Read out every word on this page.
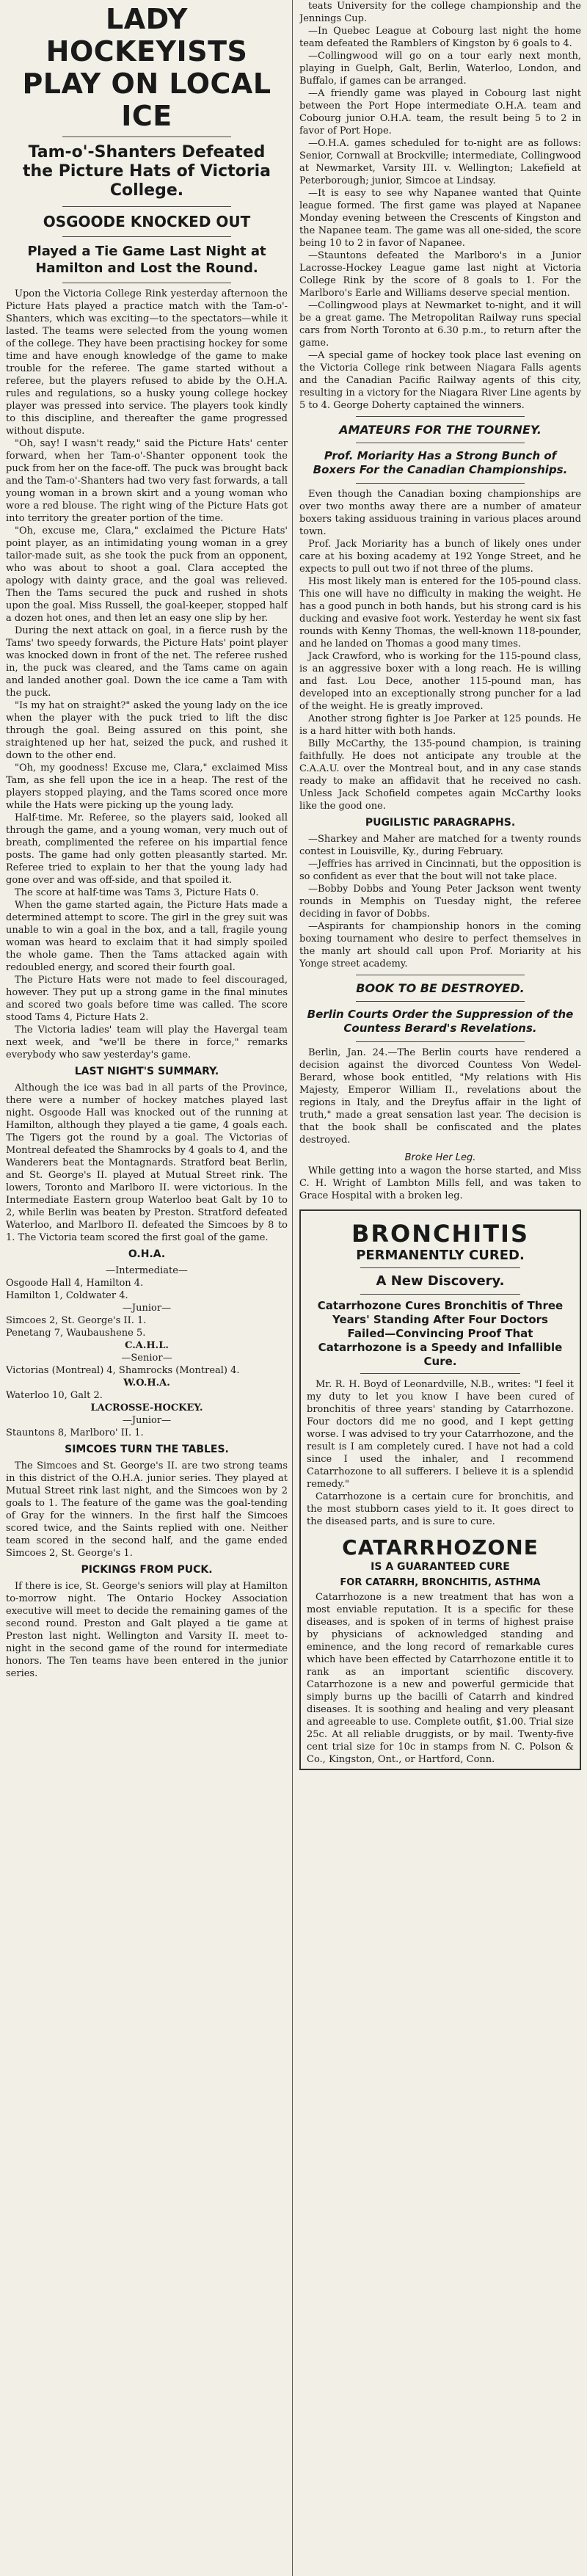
LADY HOCKEYISTS PLAY ON LOCAL ICE
Tam-o'-Shanters Defeated the Picture Hats of Victoria College.
OSGOODE KNOCKED OUT
Played a Tie Game Last Night at Hamilton and Lost the Round.

Upon the Victoria College Rink yesterday afternoon the Picture Hats played a practice match with the Tam-o'-Shanters, which was exciting—to the spectators—while it lasted. The teams were selected from the young women of the college. They have been practising hockey for some time and have enough knowledge of the game to make trouble for the referee. The game started without a referee, but the players refused to abide by the O.H.A. rules and regulations, so a husky young college hockey player was pressed into service. The players took kindly to this discipline, and thereafter the game progressed without dispute.

"Oh, say! I wasn't ready," said the Picture Hats' center forward, when her Tam-o'-Shanter opponent took the puck from her on the face-off. The puck was brought back and the Tam-o'-Shanters had two very fast forwards, a tall young woman in a brown skirt and a young woman who wore a red blouse. The right wing of the Picture Hats got into territory the greater portion of the time.

"Oh, excuse me, Clara," exclaimed the Picture Hats' point player, as an intimidating young woman in a grey tailor-made suit, as she took the puck from an opponent, who was about to shoot a goal. Clara accepted the apology with dainty grace, and the goal was relieved. Then the Tams secured the puck and rushed in shots upon the goal. Miss Russell, the goal-keeper, stopped half a dozen hot ones, and then let an easy one slip by her.

During the next attack on goal, in a fierce rush by the Tams' two speedy forwards, the Picture Hats' point player was knocked down in front of the net. The referee rushed in, the puck was cleared, and the Tams came on again and landed another goal. Down the ice came a Tam with the puck.

"Is my hat on straight?" asked the young lady on the ice when the player with the puck tried to lift the disc through the goal. Being assured on this point, she straightened up her hat, seized the puck, and rushed it down to the other end.

"Oh, my goodness! Excuse me, Clara," exclaimed Miss Tam, as she fell upon the ice in a heap. The rest of the players stopped playing, and the Tams scored once more while the Hats were picking up the young lady.

Half-time. Mr. Referee, so the players said, looked all through the game, and a young woman, very much out of breath, complimented the referee on his impartial fence posts. The game had only gotten pleasantly started. Mr. Referee tried to explain to her that the young lady had gone over and was off-side, and that spoiled it.

The score at half-time was Tams 3, Picture Hats 0.

When the game started again, the Picture Hats made a determined attempt to score. The girl in the grey suit was unable to win a goal in the box, and a tall, fragile young woman was heard to exclaim that it had simply spoiled the whole game. Then the Tams attacked again with redoubled energy, and scored their fourth goal.

The Picture Hats were not made to feel discouraged, however. They put up a strong game in the final minutes and scored two goals before time was called. The score stood Tams 4, Picture Hats 2.

The Victoria ladies' team will play the Havergal team next week, and "we'll be there in force," remarks everybody who saw yesterday's game.

LAST NIGHT'S SUMMARY.

Although the ice was bad in all parts of the Province, there were a number of hockey matches played last night. Osgoode Hall was knocked out of the running at Hamilton, although they played a tie game, 4 goals each. The Tigers got the round by a goal. The Victorias of Montreal defeated the Shamrocks by 4 goals to 4, and the Wanderers beat the Montagnards. Stratford beat Berlin, and St. George's II. played at Mutual Street rink. The lowers, Toronto and Marlboro II. were victorious. In the Intermediate Eastern group Waterloo beat Galt by 10 to 2, while Berlin was beaten by Preston. Stratford defeated Waterloo, and Marlboro II. defeated the Simcoes by 8 to 1. The Victoria team scored the first goal of the game.

O.H.A.

—Intermediate—

Osgoode Hall 4, Hamilton 4.

Hamilton 1, Coldwater 4.

—Junior—

Simcoes 2, St. George's II. 1.

Penetang 7, Waubaushene 5.

C.A.H.L.

—Senior—

Victorias (Montreal) 4, Shamrocks (Montreal) 4.

W.O.H.A.

Waterloo 10, Galt 2.

LACROSSE-HOCKEY.

—Junior—

Stauntons 8, Marlboro' II. 1.

SIMCOES TURN THE TABLES.

The Simcoes and St. George's II. are two strong teams in this district of the O.H.A. junior series. They played at Mutual Street rink last night, and the Simcoes won by 2 goals to 1. The feature of the game was the goal-tending of Gray for the winners. In the first half the Simcoes scored twice, and the Saints replied with one. Neither team scored in the second half, and the game ended Simcoes 2, St. George's 1.

PICKINGS FROM PUCK.

If there is ice, St. George's seniors will play at Hamilton to-morrow night. The Ontario Hockey Association executive will meet to decide the remaining games of the second round. Preston and Galt played a tie game at Preston last night. Wellington and Varsity II. meet to-night in the second game of the round for intermediate honors. The Ten teams have been entered in the junior series.

teats University for the college championship and the Jennings Cup.

—In Quebec League at Cobourg last night the home team defeated the Ramblers of Kingston by 6 goals to 4.

—Collingwood will go on a tour early next month, playing in Guelph, Galt, Berlin, Waterloo, London, and Buffalo, if games can be arranged.

—A friendly game was played in Cobourg last night between the Port Hope intermediate O.H.A. team and Cobourg junior O.H.A. team, the result being 5 to 2 in favor of Port Hope.

—O.H.A. games scheduled for to-night are as follows: Senior, Cornwall at Brockville; intermediate, Collingwood at Newmarket, Varsity III. v. Wellington; Lakefield at Peterborough; junior, Simcoe at Lindsay.

—It is easy to see why Napanee wanted that Quinte league formed. The first game was played at Napanee Monday evening between the Crescents of Kingston and the Napanee team. The game was all one-sided, the score being 10 to 2 in favor of Napanee.

—Stauntons defeated the Marlboro's in a Junior Lacrosse-Hockey League game last night at Victoria College Rink by the score of 8 goals to 1. For the Marlboro's Earle and Williams deserve special mention.

—Collingwood plays at Newmarket to-night, and it will be a great game. The Metropolitan Railway runs special cars from North Toronto at 6.30 p.m., to return after the game.

—A special game of hockey took place last evening on the Victoria College rink between Niagara Falls agents and the Canadian Pacific Railway agents of this city, resulting in a victory for the Niagara River Line agents by 5 to 4. George Doherty captained the winners.

AMATEURS FOR THE TOURNEY.
Prof. Moriarity Has a Strong Bunch of Boxers For the Canadian Championships.

Even though the Canadian boxing championships are over two months away there are a number of amateur boxers taking assiduous training in various places around town.

Prof. Jack Moriarity has a bunch of likely ones under care at his boxing academy at 192 Yonge Street, and he expects to pull out two if not three of the plums.

His most likely man is entered for the 105-pound class. This one will have no difficulty in making the weight. He has a good punch in both hands, but his strong card is his ducking and evasive foot work. Yesterday he went six fast rounds with Kenny Thomas, the well-known 118-pounder, and he landed on Thomas a good many times.

Jack Crawford, who is working for the 115-pound class, is an aggressive boxer with a long reach. He is willing and fast. Lou Dece, another 115-pound man, has developed into an exceptionally strong puncher for a lad of the weight. He is greatly improved.

Another strong fighter is Joe Parker at 125 pounds. He is a hard hitter with both hands.

Billy McCarthy, the 135-pound champion, is training faithfully. He does not anticipate any trouble at the C.A.A.U. over the Montreal bout, and in any case stands ready to make an affidavit that he received no cash. Unless Jack Schofield competes again McCarthy looks like the good one.

PUGILISTIC PARAGRAPHS.

—Sharkey and Maher are matched for a twenty rounds contest in Louisville, Ky., during February.

—Jeffries has arrived in Cincinnati, but the opposition is so confident as ever that the bout will not take place.

—Bobby Dobbs and Young Peter Jackson went twenty rounds in Memphis on Tuesday night, the referee deciding in favor of Dobbs.

—Aspirants for championship honors in the coming boxing tournament who desire to perfect themselves in the manly art should call upon Prof. Moriarity at his Yonge street academy.

BOOK TO BE DESTROYED.
Berlin Courts Order the Suppression of the Countess Berard's Revelations.

Berlin, Jan. 24.—The Berlin courts have rendered a decision against the divorced Countess Von Wedel-Berard, whose book entitled, "My relations with His Majesty, Emperor William II., revelations about the regions in Italy, and the Dreyfus affair in the light of truth," made a great sensation last year. The decision is that the book shall be confiscated and the plates destroyed.

Broke Her Leg.

While getting into a wagon the horse started, and Miss C. H. Wright of Lambton Mills fell, and was taken to Grace Hospital with a broken leg.

BRONCHITIS
PERMANENTLY CURED.
A New Discovery.
Catarrhozone Cures Bronchitis of Three Years' Standing After Four Doctors Failed—Convincing Proof That Catarrhozone is a Speedy and Infallible Cure.

Mr. R. H. Boyd of Leonardville, N.B., writes: "I feel it my duty to let you know I have been cured of bronchitis of three years' standing by Catarrhozone. Four doctors did me no good, and I kept getting worse. I was advised to try your Catarrhozone, and the result is I am completely cured. I have not had a cold since I used the inhaler, and I recommend Catarrhozone to all sufferers. I believe it is a splendid remedy."

Catarrhozone is a certain cure for bronchitis, and the most stubborn cases yield to it. It goes direct to the diseased parts, and is sure to cure.

CATARRHOZONE
IS A GUARANTEED CURE
FOR CATARRH, BRONCHITIS, ASTHMA

Catarrhozone is a new treatment that has won a most enviable reputation. It is a specific for these diseases, and is spoken of in terms of highest praise by physicians of acknowledged standing and eminence, and the long record of remarkable cures which have been effected by Catarrhozone entitle it to rank as an important scientific discovery. Catarrhozone is a new and powerful germicide that simply burns up the bacilli of Catarrh and kindred diseases. It is soothing and healing and very pleasant and agreeable to use. Complete outfit, $1.00. Trial size 25c. At all reliable druggists, or by mail. Twenty-five cent trial size for 10c in stamps from N. C. Polson & Co., Kingston, Ont., or Hartford, Conn.
